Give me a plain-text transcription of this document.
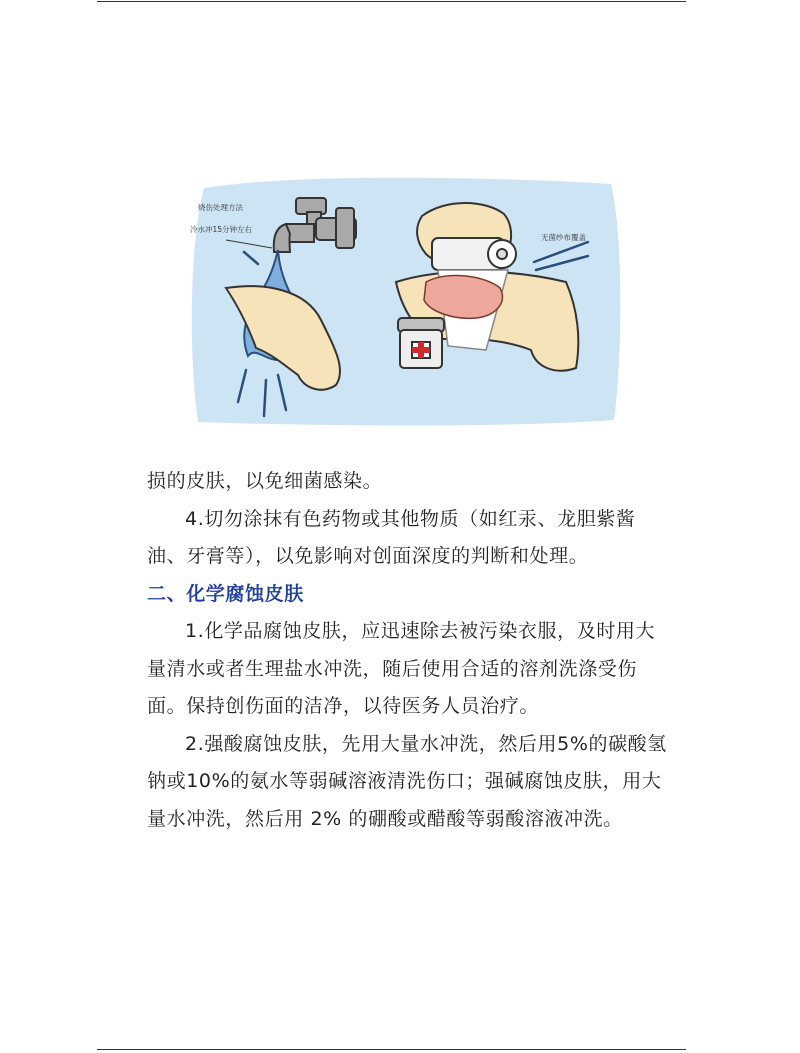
烧伤处理方法
冷水冲15分钟左右
无菌纱布覆盖

损的皮肤，以免细菌感染。

4.切勿涂抹有色药物或其他物质（如红汞、龙胆紫酱油、牙膏等），以免影响对创面深度的判断和处理。

二、化学腐蚀皮肤

1.化学品腐蚀皮肤，应迅速除去被污染衣服，及时用大量清水或者生理盐水冲洗，随后使用合适的溶剂洗涤受伤面。保持创伤面的洁净，以待医务人员治疗。

2.强酸腐蚀皮肤，先用大量水冲洗，然后用5%的碳酸氢钠或10%的氨水等弱碱溶液清洗伤口；强碱腐蚀皮肤，用大量水冲洗，然后用 2% 的硼酸或醋酸等弱酸溶液冲洗。
